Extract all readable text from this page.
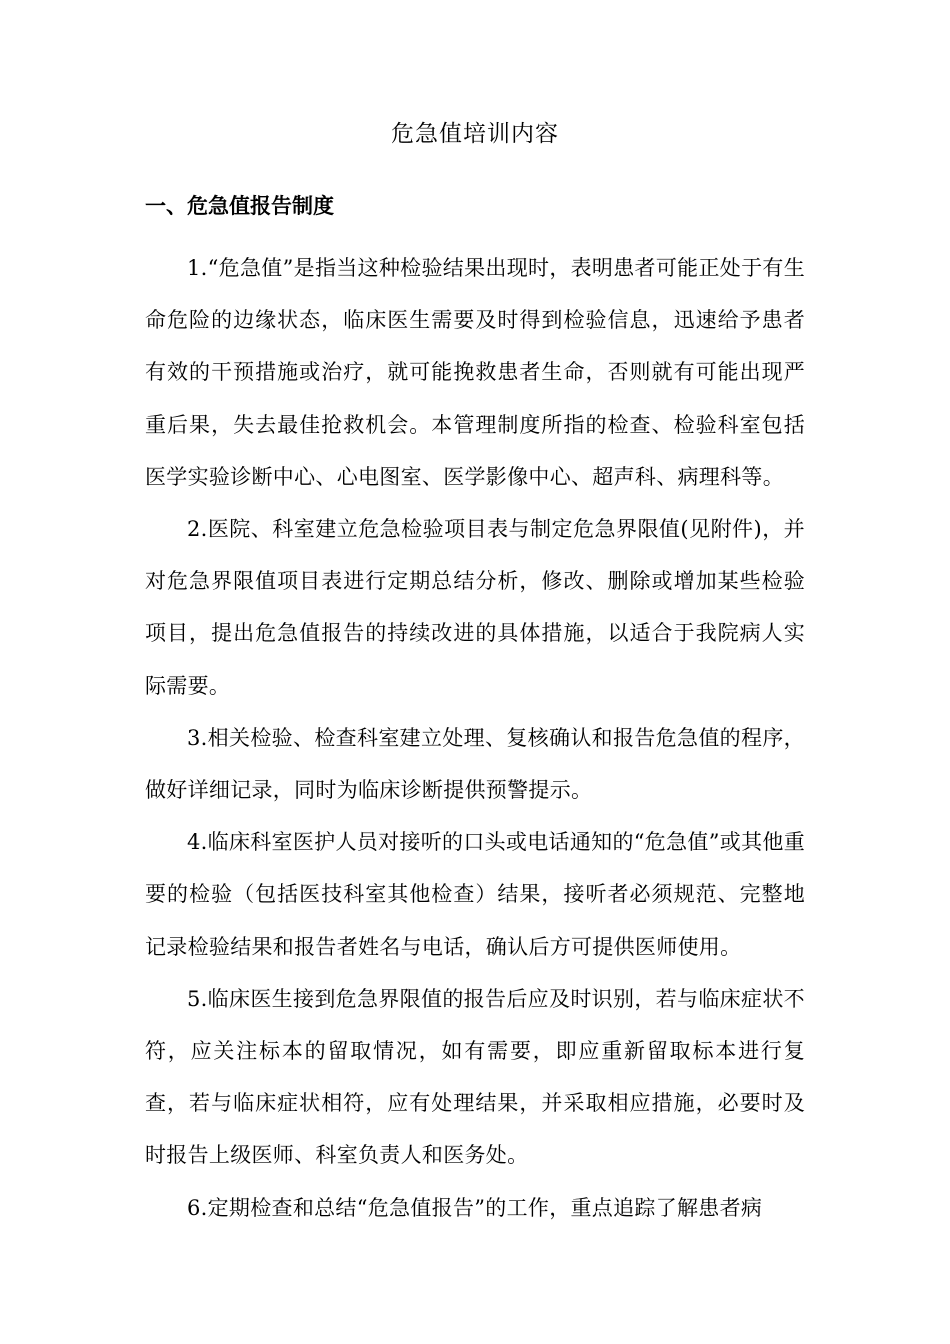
危急值培训内容
一、危急值报告制度

1.“危急值”是指当这种检验结果出现时，表明患者可能正处于有生命危险的边缘状态，临床医生需要及时得到检验信息，迅速给予患者有效的干预措施或治疗，就可能挽救患者生命，否则就有可能出现严重后果，失去最佳抢救机会。本管理制度所指的检查、检验科室包括医学实验诊断中心、心电图室、医学影像中心、超声科、病理科等。

2.医院、科室建立危急检验项目表与制定危急界限值(见附件)，并对危急界限值项目表进行定期总结分析，修改、删除或增加某些检验项目，提出危急值报告的持续改进的具体措施，以适合于我院病人实际需要。

3.相关检验、检查科室建立处理、复核确认和报告危急值的程序，做好详细记录，同时为临床诊断提供预警提示。

4.临床科室医护人员对接听的口头或电话通知的“危急值”或其他重要的检验（包括医技科室其他检查）结果，接听者必须规范、完整地记录检验结果和报告者姓名与电话，确认后方可提供医师使用。

5.临床医生接到危急界限值的报告后应及时识别，若与临床症状不符，应关注标本的留取情况，如有需要，即应重新留取标本进行复查，若与临床症状相符，应有处理结果，并采取相应措施，必要时及时报告上级医师、科室负责人和医务处。

6.定期检查和总结“危急值报告”的工作，重点追踪了解患者病
